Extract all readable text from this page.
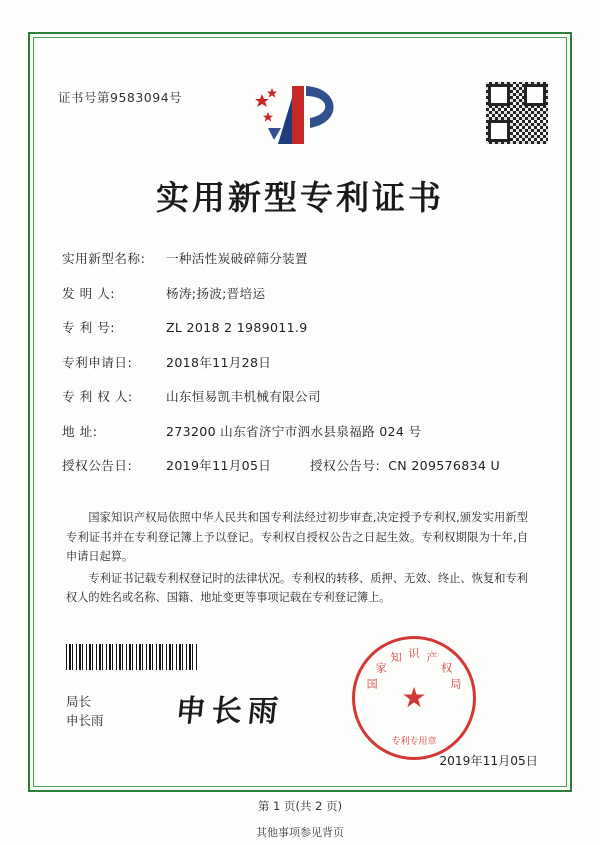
证书号第9583094号
实用新型专利证书
实用新型名称:	一种活性炭破碎筛分装置
发 明 人:	杨涛;扬波;晋培运
专 利 号:	ZL 2018 2 1989011.9
专利申请日:	2018年11月28日
专 利 权 人:	山东恒易凯丰机械有限公司
地 址:	273200 山东省济宁市泗水县泉福路 024 号
授权公告日:	2019年11月05日	授权公告号: CN 209576834 U

国家知识产权局依照中华人民共和国专利法经过初步审查,决定授予专利权,颁发实用新型专利证书并在专利登记簿上予以登记。专利权自授权公告之日起生效。专利权期限为十年,自申请日起算。

专利证书记载专利权登记时的法律状况。专利权的转移、质押、无效、终止、恢复和专利权人的姓名或名称、国籍、地址变更等事项记载在专利登记簿上。

局长
申长雨 申长雨
国
家
知 识 产
权
局
★
专利专用章
2019年11月05日
第 1 页(共 2 页)
其他事项参见背页
